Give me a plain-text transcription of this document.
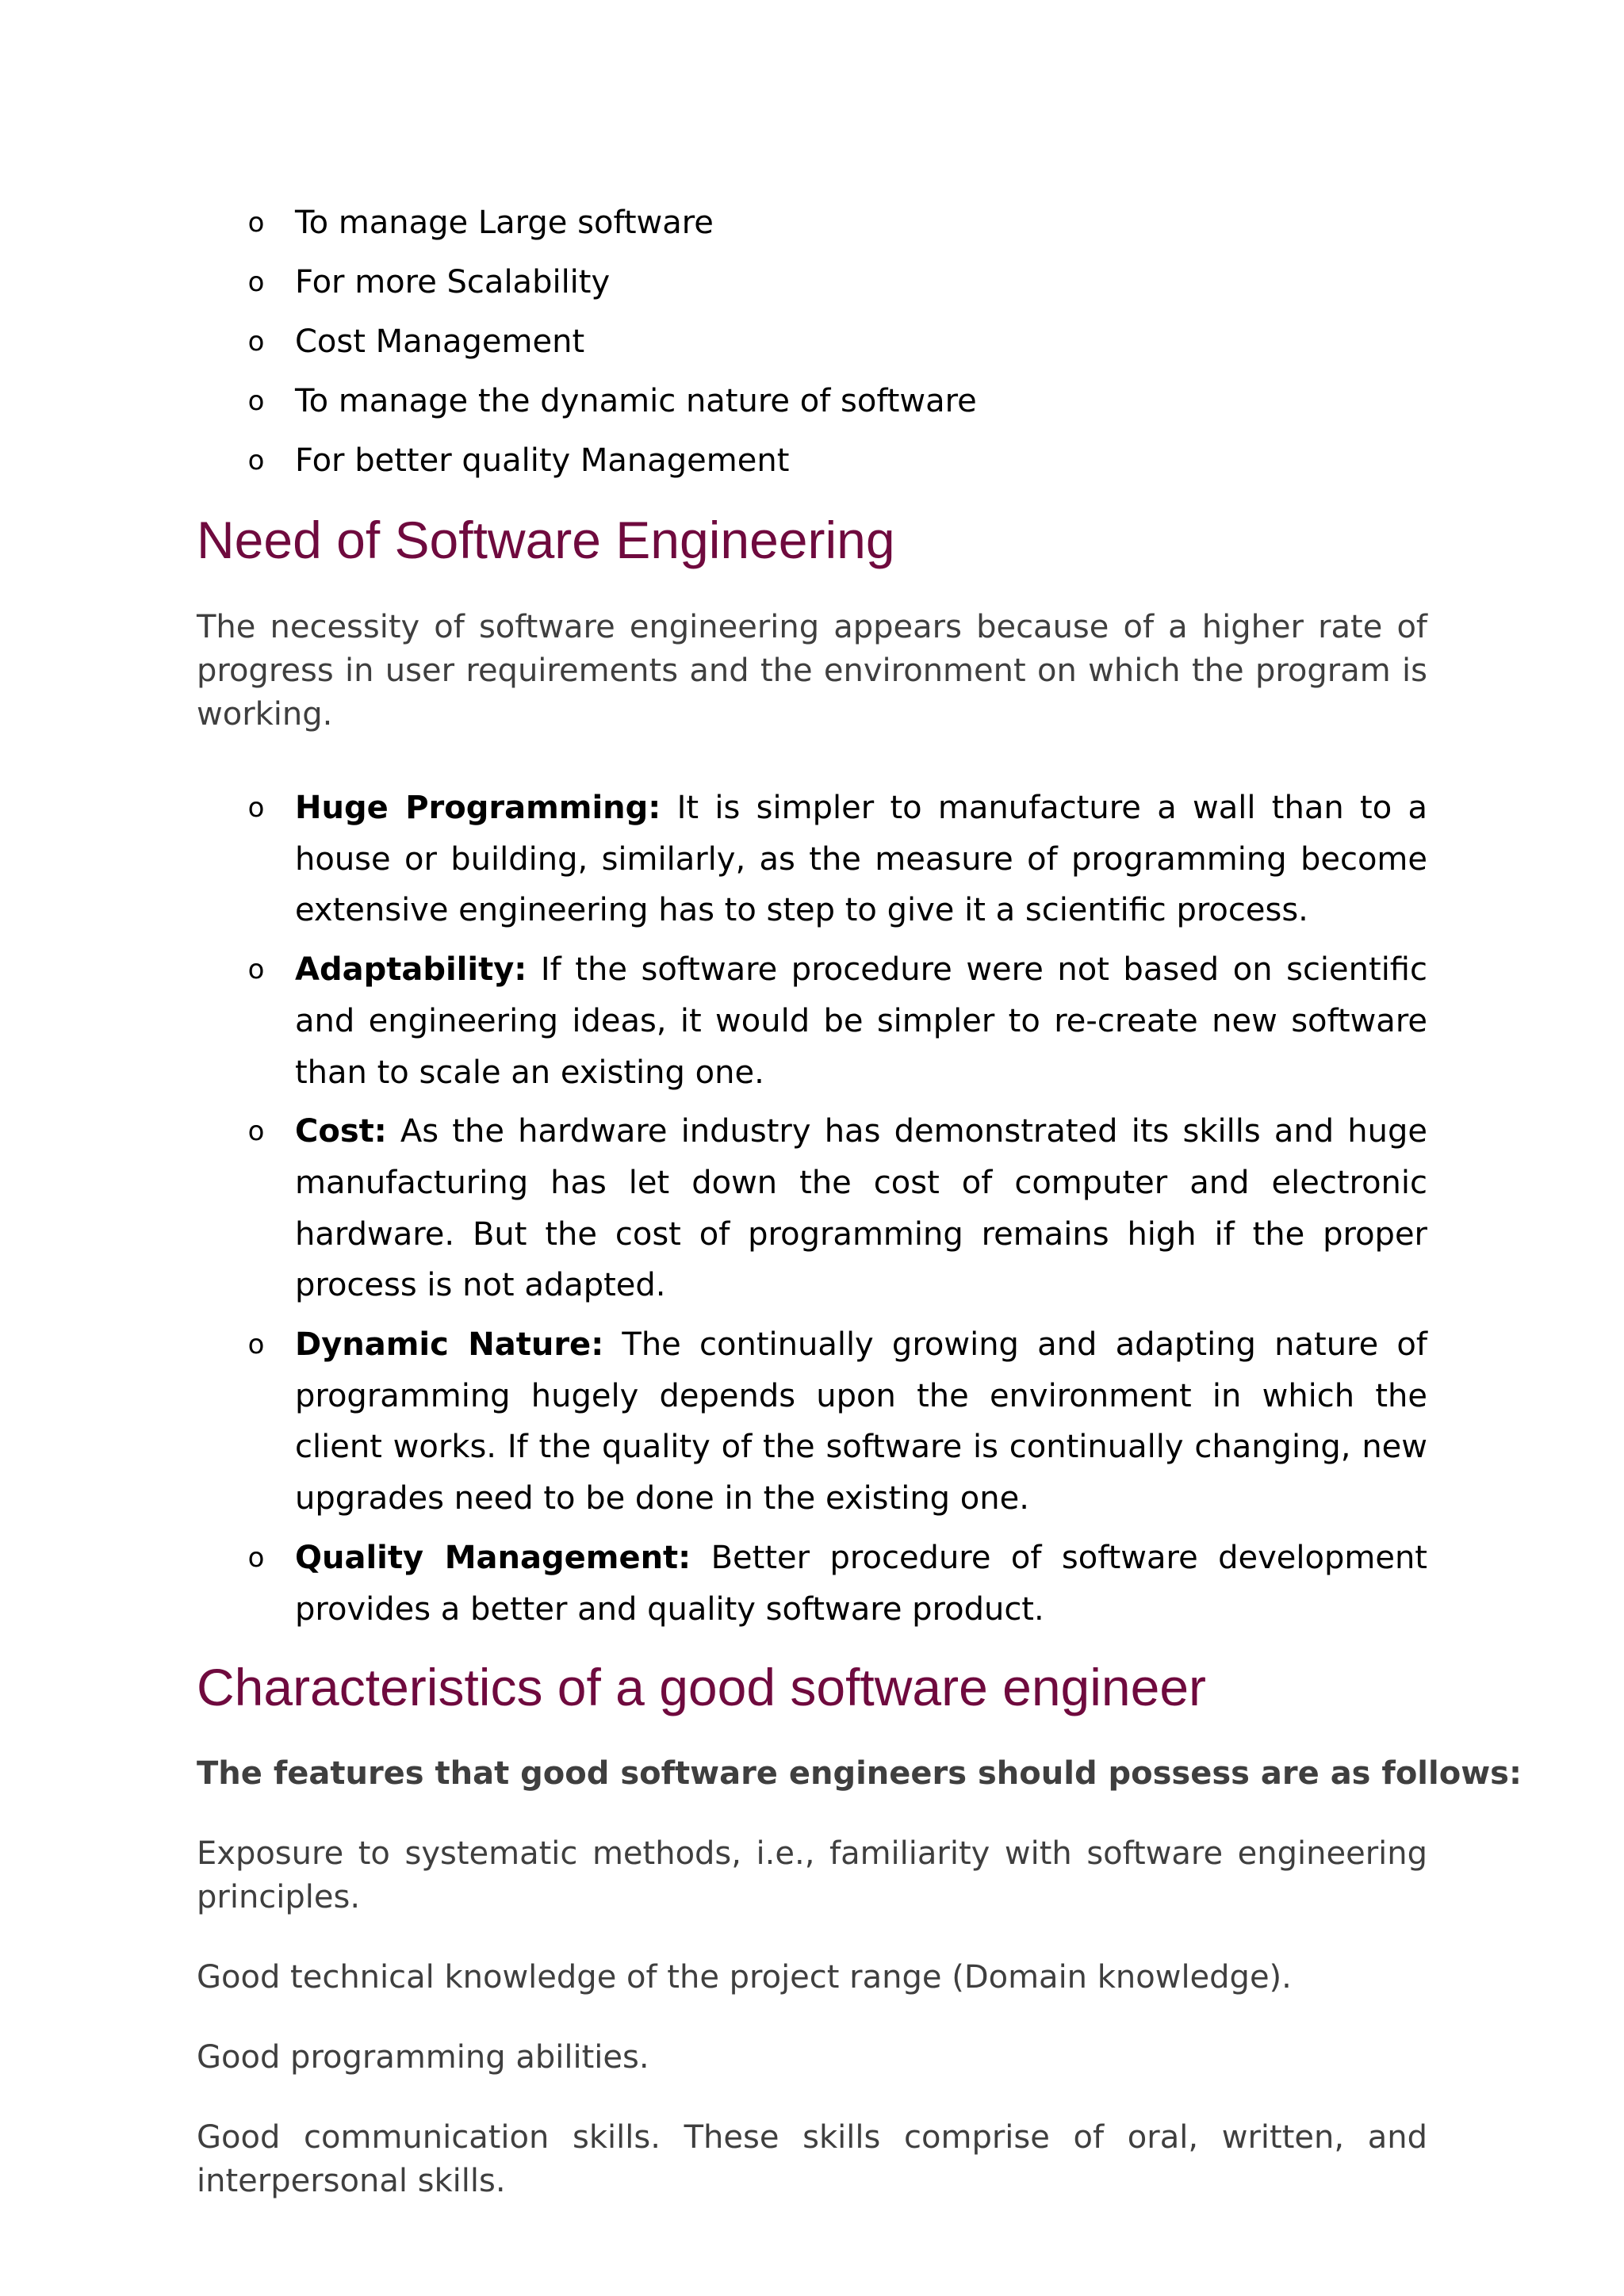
o To manage Large software
o For more Scalability
o Cost Management
o To manage the dynamic nature of software
o For better quality Management
Need of Software Engineering

The necessity of software engineering appears because of a higher rate of progress in user requirements and the environment on which the program is working.

o Huge Programming: It is simpler to manufacture a wall than to a house or building, similarly, as the measure of programming become extensive engineering has to step to give it a scientific process.
o Adaptability: If the software procedure were not based on scientific and engineering ideas, it would be simpler to re-create new software than to scale an existing one.
o Cost: As the hardware industry has demonstrated its skills and huge manufacturing has let down the cost of computer and electronic hardware. But the cost of programming remains high if the proper process is not adapted.
o Dynamic Nature: The continually growing and adapting nature of programming hugely depends upon the environment in which the client works. If the quality of the software is continually changing, new upgrades need to be done in the existing one.
o Quality Management: Better procedure of software development provides a better and quality software product.
Characteristics of a good software engineer

The features that good software engineers should possess are as follows:

Exposure to systematic methods, i.e., familiarity with software engineering principles.

Good technical knowledge of the project range (Domain knowledge).

Good programming abilities.

Good communication skills. These skills comprise of oral, written, and interpersonal skills.
